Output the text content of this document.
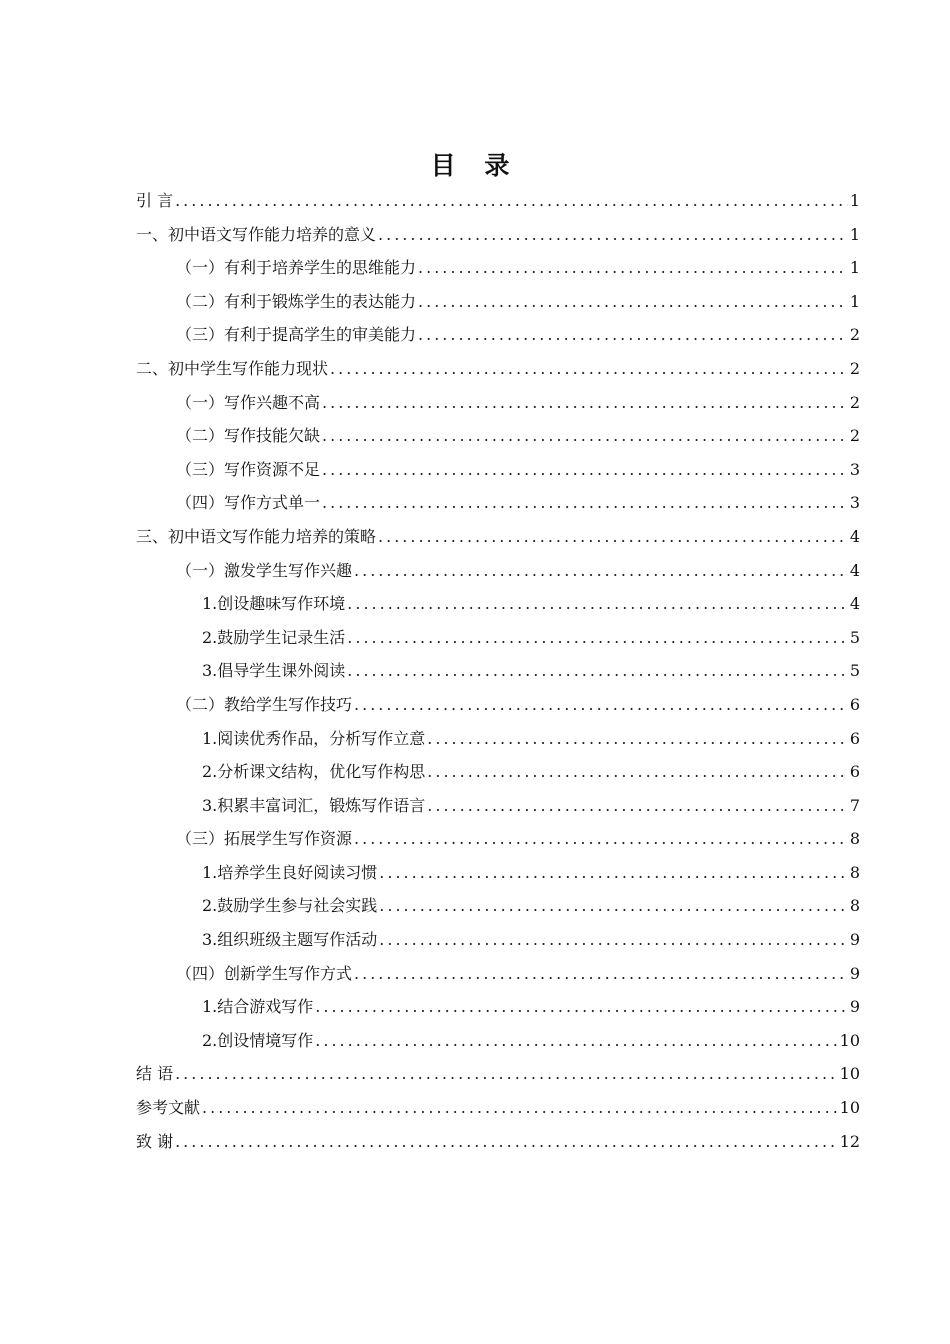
目 录
引 言 .....	1
一、初中语文写作能力培养的意义 .....	1
（一）有利于培养学生的思维能力 .....	1
（二）有利于锻炼学生的表达能力 .....	1
（三）有利于提高学生的审美能力 .....	2
二、初中学生写作能力现状 .....	2
（一）写作兴趣不高 .....	2
（二）写作技能欠缺 .....	2
（三）写作资源不足 .....	3
（四）写作方式单一 .....	3
三、初中语文写作能力培养的策略 .....	4
（一）激发学生写作兴趣 .....	4
1.创设趣味写作环境 .....	4
2.鼓励学生记录生活 .....	5
3.倡导学生课外阅读 .....	5
（二）教给学生写作技巧 .....	6
1.阅读优秀作品，分析写作立意 .....	6
2.分析课文结构，优化写作构思 .....	6
3.积累丰富词汇，锻炼写作语言 .....	7
（三）拓展学生写作资源 .....	8
1.培养学生良好阅读习惯 .....	8
2.鼓励学生参与社会实践 .....	8
3.组织班级主题写作活动 .....	9
（四）创新学生写作方式 .....	9
1.结合游戏写作 .....	9
2.创设情境写作 .....	10
结 语 .....	10
参考文献 .....	10
致 谢 .....	12
